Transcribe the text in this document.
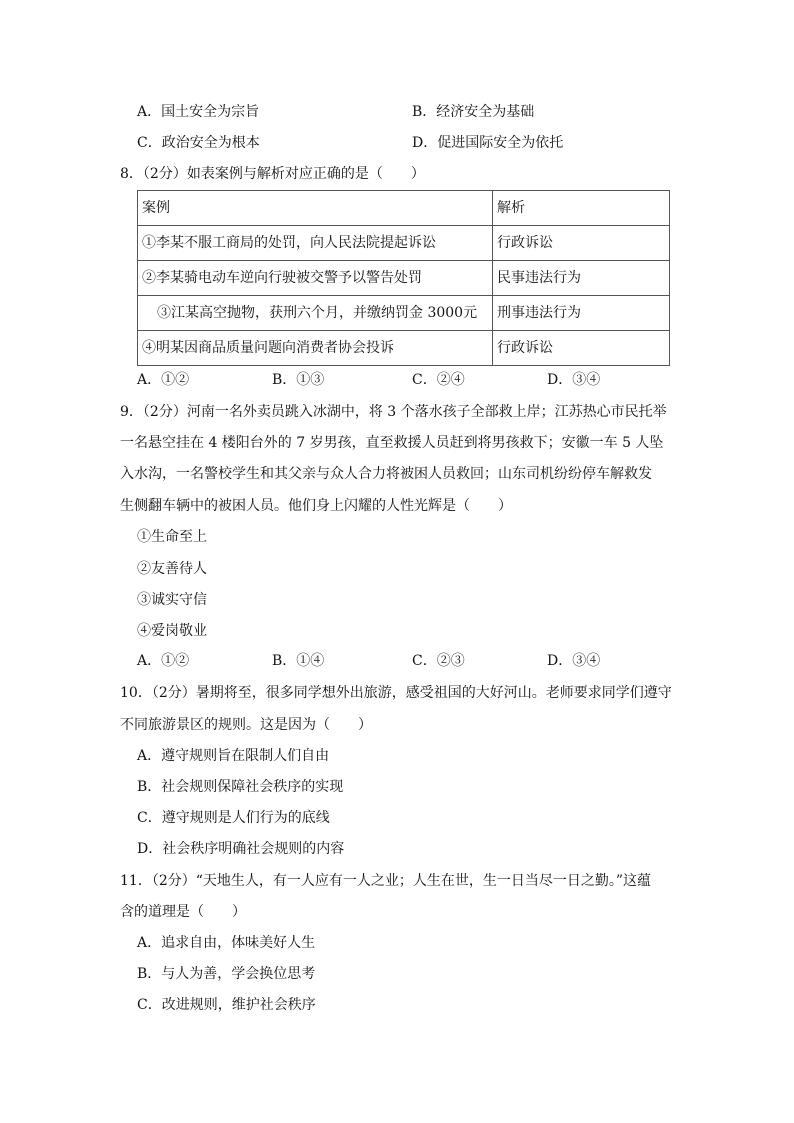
A．国土安全为宗旨	B．经济安全为基础
C．政治安全为根本	D．促进国际安全为依托
8．（2分）如表案例与解析对应正确的是（　　）
案例	解析
①李某不服工商局的处罚，向人民法院提起诉讼	行政诉讼
②李某骑电动车逆向行驶被交警予以警告处罚	民事违法行为
③江某高空抛物，获刑六个月，并缴纳罚金 3000元	刑事违法行为
④明某因商品质量问题向消费者协会投诉	行政诉讼
A．①②	B．①③	C．②④	D．③④
9．（2分）河南一名外卖员跳入冰湖中，将 3 个落水孩子全部救上岸；江苏热心市民托举
一名悬空挂在 4 楼阳台外的 7 岁男孩，直至救援人员赶到将男孩救下；安徽一车 5 人坠
入水沟，一名警校学生和其父亲与众人合力将被困人员救回；山东司机纷纷停车解救发
生侧翻车辆中的被困人员。他们身上闪耀的人性光辉是（　　）
①生命至上
②友善待人
③诚实守信
④爱岗敬业
A．①②	B．①④	C．②③	D．③④
10．（2分）暑期将至，很多同学想外出旅游，感受祖国的大好河山。老师要求同学们遵守
不同旅游景区的规则。这是因为（　　）
A．遵守规则旨在限制人们自由
B．社会规则保障社会秩序的实现
C．遵守规则是人们行为的底线
D．社会秩序明确社会规则的内容
11．（2分）“天地生人，有一人应有一人之业；人生在世，生一日当尽一日之勤。”这蕴
含的道理是（　　）
A．追求自由，体味美好人生
B．与人为善，学会换位思考
C．改进规则，维护社会秩序
